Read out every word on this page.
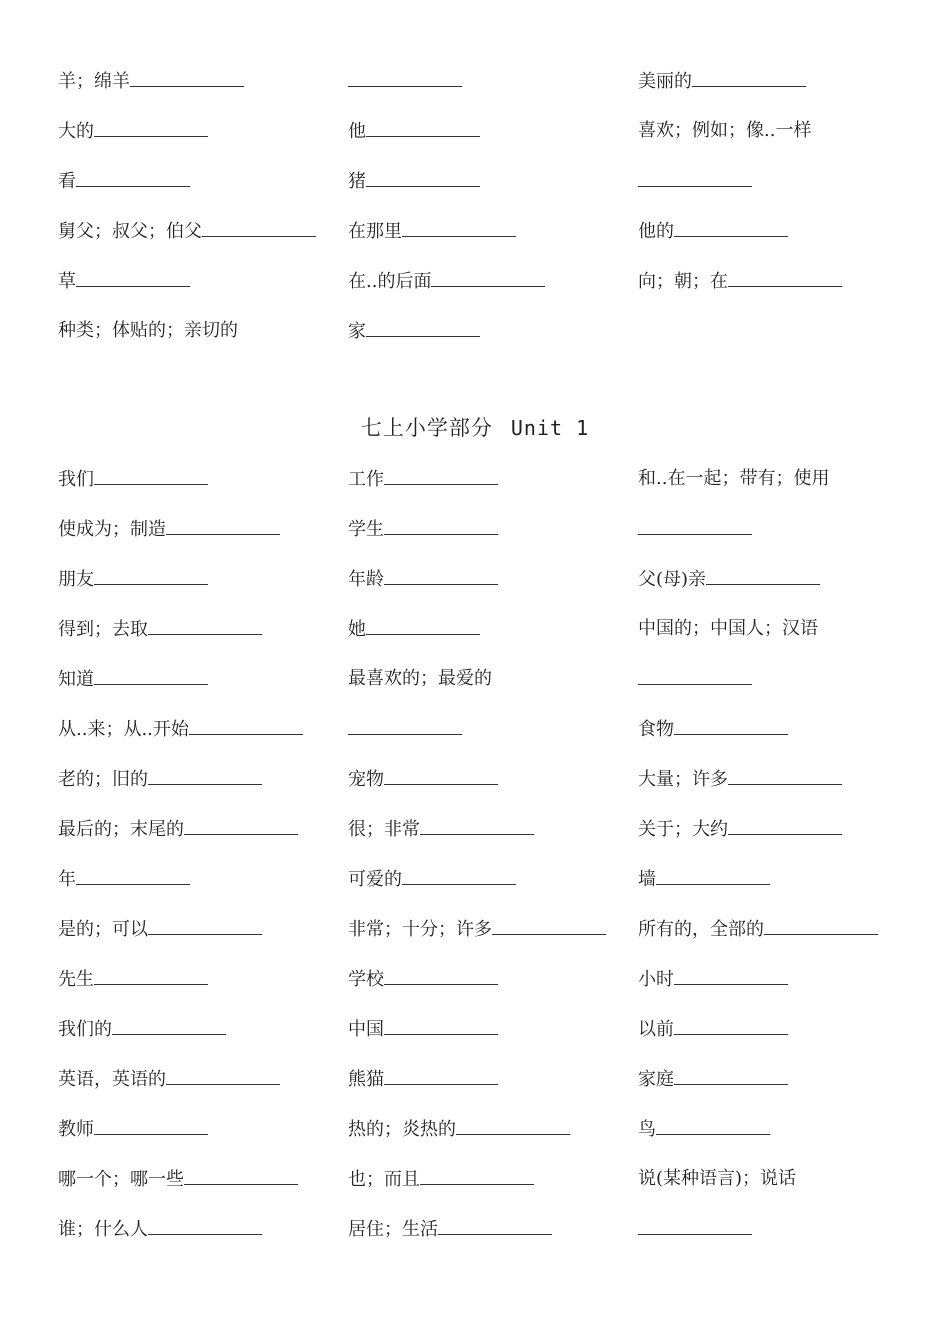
羊；绵羊
大的
看
舅父；叔父；伯父
草
种类；体贴的；亲切的
他
猪
在那里
在..的后面
家
美丽的
喜欢；例如；像..一样
他的
向；朝；在
七上小学部分 Unit 1
我们
使成为；制造
朋友
得到；去取
知道
从..来；从..开始
老的；旧的
最后的；末尾的
年
是的；可以
先生
我们的
英语，英语的
教师
哪一个；哪一些
谁；什么人
工作
学生
年龄
她
最喜欢的；最爱的
宠物
很；非常
可爱的
非常；十分；许多
学校
中国
熊猫
热的；炎热的
也；而且
居住；生活
和..在一起；带有；使用
父(母)亲
中国的；中国人；汉语
食物
大量；许多
关于；大约
墙
所有的，全部的
小时
以前
家庭
鸟
说(某种语言)；说话
